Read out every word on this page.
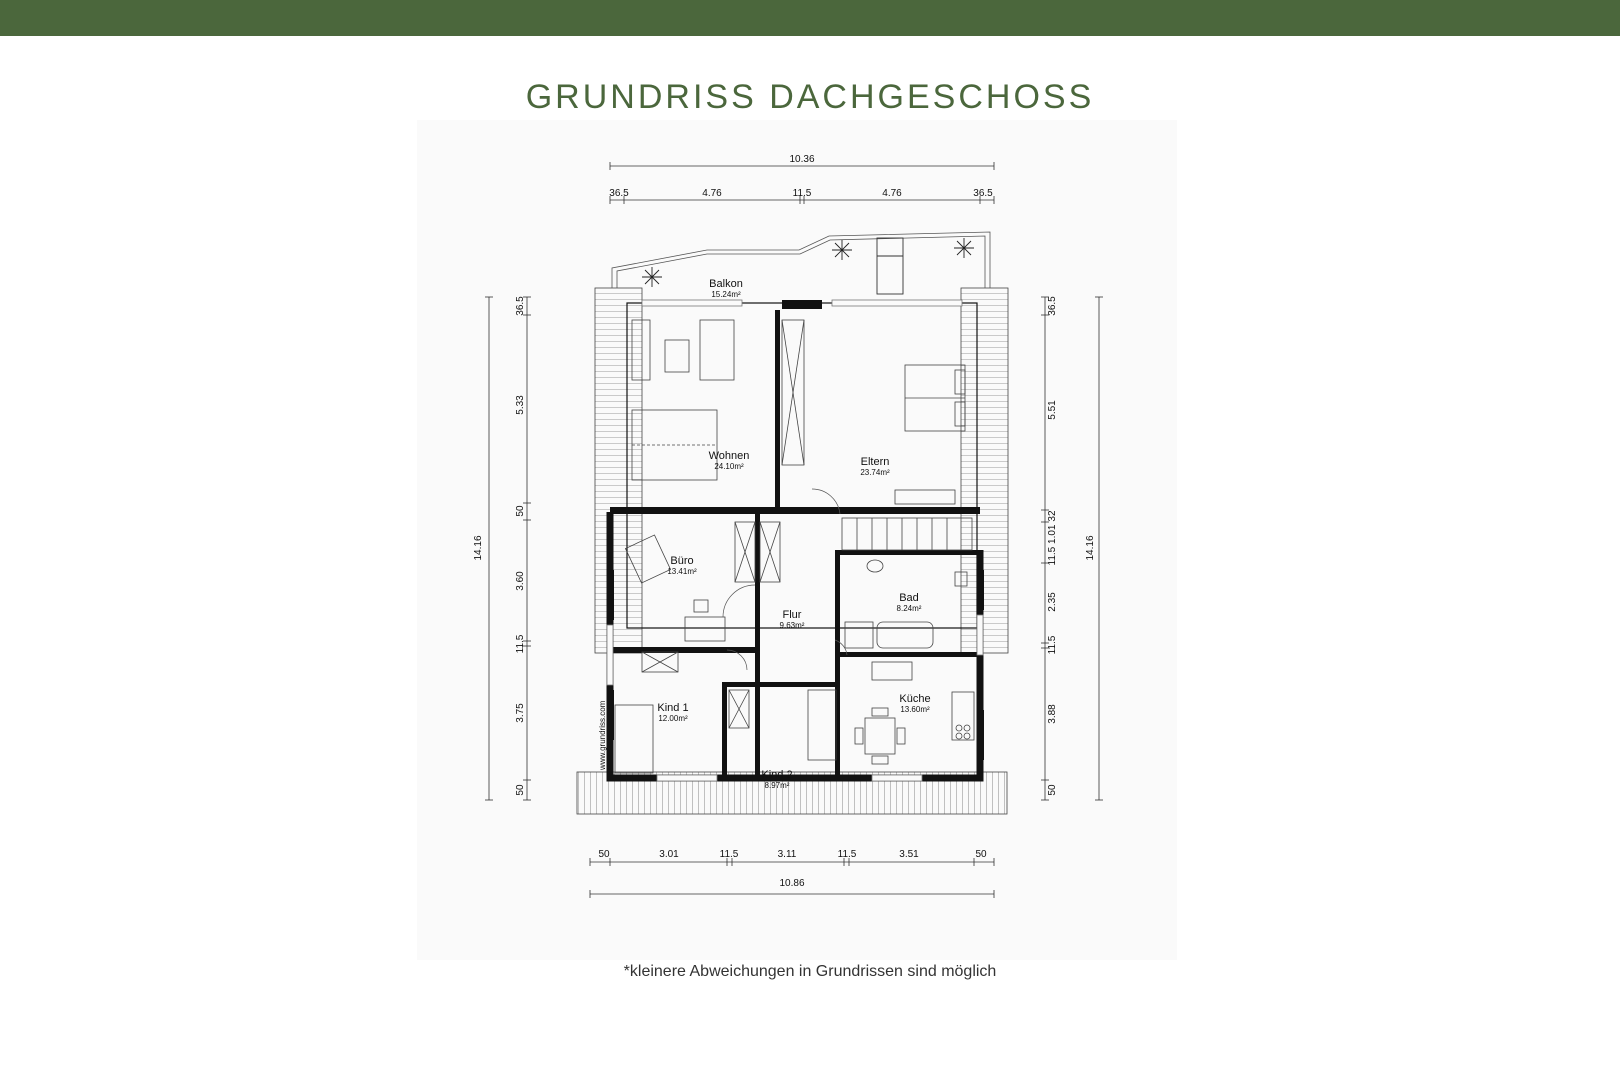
GRUNDRISS DACHGESCHOSS
10.36
36.5	4.76	11.5	4.76	36.5
50	3.01	11.5	3.11	11.5	3.51	50
10.86
14.16
36.5
5.33
50
3.60
11.5
3.75
50
36.5
5.51
32
11.5 1.01
2.35
11.5
3.88
50
14.16
Balkon
15.24m²
Wohnen
24.10m²	Eltern
23.74m²
Büro
13.41m²
Flur
9.63m²
Bad
8.24m²
Küche
13.60m²
Kind 1
12.00m²
Kind 2
8.97m²
www.grundriss.com
*kleinere Abweichungen in Grundrissen sind möglich
